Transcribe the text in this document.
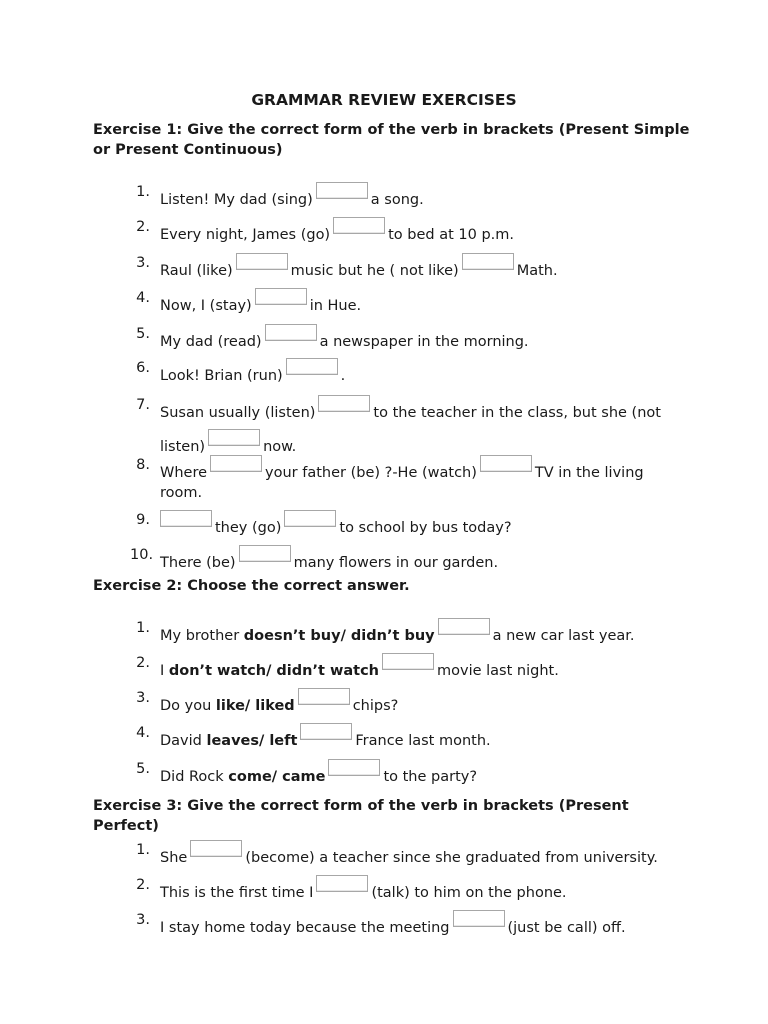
GRAMMAR REVIEW EXERCISES

Exercise 1: Give the correct form of the verb in brackets (Present Simple or Present Continuous)

1. Listen! My dad (sing)	a song.
2. Every night, James (go)	to bed at 10 p.m.
3. Raul (like)	music but he ( not like)	Math.
4. Now, I (stay)	in Hue.
5. My dad (read)	a newspaper in the morning.
6. Look! Brian (run)	.
7. Susan usually (listen)	to the teacher in the class, but she (not
listen)	now.
8. Where	your father (be) ?-He (watch)	TV in the living
room.
9.	they (go)	to school by bus today?
10. There (be)	many flowers in our garden.

Exercise 2: Choose the correct answer.

1. My brother doesn’t buy/ didn’t buy	a new car last year.
2. I don’t watch/ didn’t watch	movie last night.
3. Do you like/ liked	chips?
4. David leaves/ left	France last month.
5. Did Rock come/ came	to the party?

Exercise 3: Give the correct form of the verb in brackets (Present Perfect)

1. She	(become) a teacher since she graduated from university.
2. This is the first time I	(talk) to him on the phone.
3. I stay home today because the meeting	(just be call) off.
